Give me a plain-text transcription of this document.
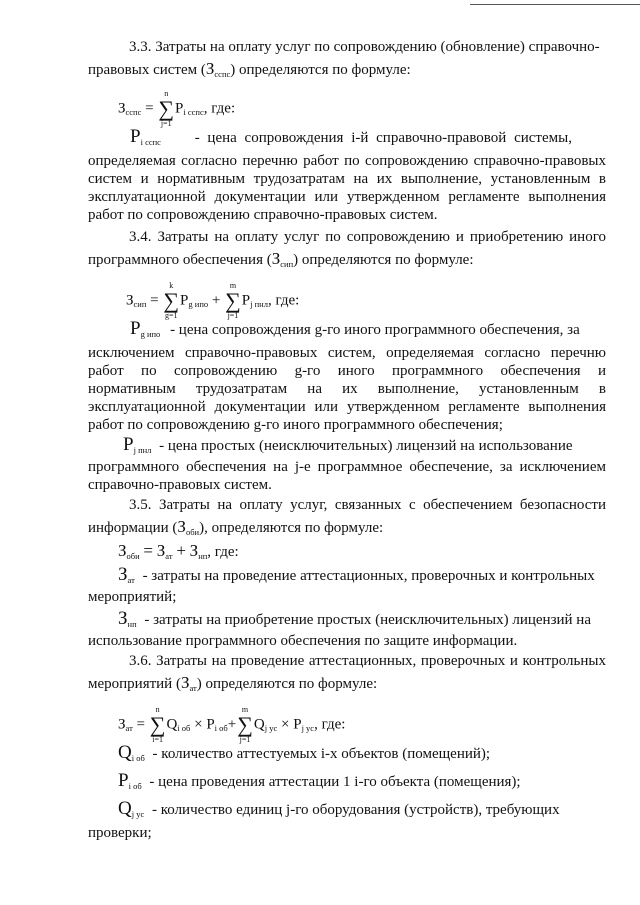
3.3. Затраты на оплату услуг по сопровождению (обновление) справочно-
правовых систем $(З_{сспс})$ определяются по формуле:
$З_{сспс}$ =
n
∑
j=1
$P_{i сспс}$, где:
$P_{i сспс}$ - цена сопровождения i-й справочно-правовой системы,
определяемая согласно перечню работ по сопровождению справочно-правовых
систем и нормативным трудозатратам на их выполнение, установленным в
эксплуатационной документации или утвержденном регламенте выполнения
работ по сопровождению справочно-правовых систем.
3.4. Затраты на оплату услуг по сопровождению и приобретению иного
программного обеспечения $(З_{сип})$ определяются по формуле:
$З_{сип}$ =
k
∑
g=1
$P_{g ипо}$ +
m
∑
j=1
$P_{j пнл}$, где:
$P_{g ипо}$ - цена сопровождения g-го иного программного обеспечения, за
исключением справочно-правовых систем, определяемая согласно перечню
работ по сопровождению g-го иного программного обеспечения и
нормативным трудозатратам на их выполнение, установленным в
эксплуатационной документации или утвержденном регламенте выполнения
работ по сопровождению g-го иного программного обеспечения;
$P_{j пнл}$ - цена простых (неисключительных) лицензий на использование
программного обеспечения на j-е программное обеспечение, за исключением
справочно-правовых систем.
3.5. Затраты на оплату услуг, связанных с обеспечением безопасности
информации $(З_{оби})$, определяются по формуле:
$З_{оби} = З_{ат} + З_{нп}$, где:
$З_{ат}$ - затраты на проведение аттестационных, проверочных и контрольных
мероприятий;
$З_{нп}$ - затраты на приобретение простых (неисключительных) лицензий на
использование программного обеспечения по защите информации.
3.6. Затраты на проведение аттестационных, проверочных и контрольных
мероприятий $(З_{ат})$ определяются по формуле:
$З_{ат}$ =
n
∑
i=1
$Q_{i об} \times P_{i об}+$
m
∑
j=1
$Q_{j ус} \times P_{j ус}$, где:
$Q_{i об}$ - количество аттестуемых i-х объектов (помещений);
$P_{i об}$ - цена проведения аттестации 1 i-го объекта (помещения);
$Q_{j ус}$ - количество единиц j-го оборудования (устройств), требующих
проверки;
